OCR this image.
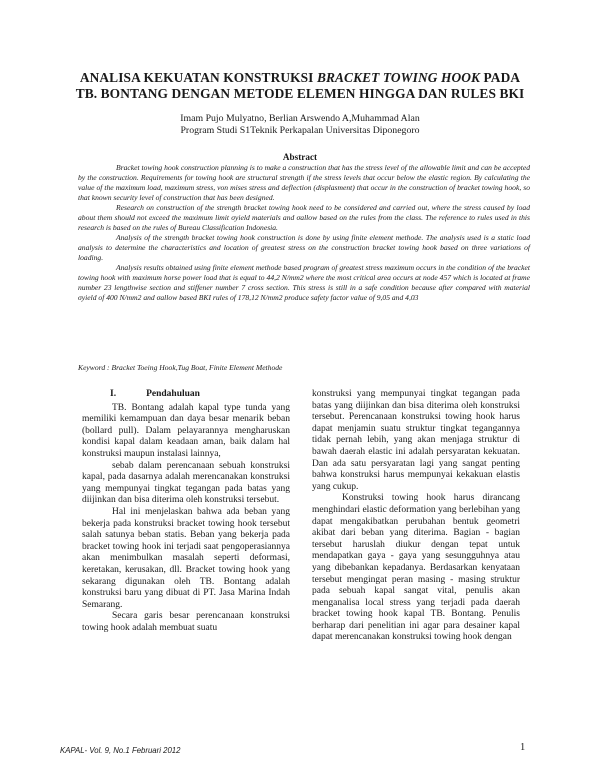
ANALISA KEKUATAN KONSTRUKSI BRACKET TOWING HOOK PADA
TB. BONTANG DENGAN METODE ELEMEN HINGGA DAN RULES BKI
Imam Pujo Mulyatno, Berlian Arswendo A,Muhammad Alan
Program Studi S1Teknik Perkapalan Universitas Diponegoro
Abstract

Bracket towing hook construction planning is to make a construction that has the stress level of the allowable limit and can be accepted by the construction. Requirements for towing hook are structural strength if the stress levels that occur below the elastic region. By calculating the value of the maximum load, maximum stress, von mises stress and deflection (displasment) that occur in the construction of bracket towing hook, so that known security level of construction that has been designed.

Research on construction of the strength bracket towing hook need to be considered and carried out, where the stress caused by load about them should not exceed the maximum limit σyield materials and σallow based on the rules from the class. The reference to rules used in this research is based on the rules of Bureau Classification Indonesia.

Analysis of the strength bracket towing hook construction is done by using finite element methode. The analysis used is a static load analysis to determine the characteristics and location of greatest stress on the construction bracket towing hook based on three variations of loading.

Analysis results obtained using finite element methode based program of greatest stress maximum occurs in the condition of the bracket towing hook with maximum horse power load that is equal to 44,2 N/mm2 where the most critical area occurs at node 457 which is located at frame number 23 lengthwise section and stiffener number 7 cross section. This stress is still in a safe condition because after compared with material σyield of 400 N/mm2 and σallow based BKI rules of 178,12 N/mm2 produce safety factor value of 9,05 and 4,03

Keyword : Bracket Toeing Hook,Tug Boat, Finite Element Methode
I.	Pendahuluan

TB. Bontang adalah kapal type tunda yang memiliki kemampuan dan daya besar menarik beban (bollard pull). Dalam pelayarannya mengharuskan kondisi kapal dalam keadaan aman, baik dalam hal konstruksi maupun instalasi lainnya,

sebab dalam perencanaan sebuah konstruksi kapal, pada dasarnya adalah merencanakan konstruksi yang mempunyai tingkat tegangan pada batas yang diijinkan dan bisa diterima oleh konstruksi tersebut.

Hal ini menjelaskan bahwa ada beban yang bekerja pada konstruksi bracket towing hook tersebut salah satunya beban statis. Beban yang bekerja pada bracket towing hook ini terjadi saat pengoperasiannya akan menimbulkan masalah seperti deformasi, keretakan, kerusakan, dll. Bracket towing hook yang sekarang digunakan oleh TB. Bontang adalah konstruksi baru yang dibuat di PT. Jasa Marina Indah Semarang.

Secara garis besar perencanaan konstruksi towing hook adalah membuat suatu

konstruksi yang mempunyai tingkat tegangan pada batas yang diijinkan dan bisa diterima oleh konstruksi tersebut. Perencanaan konstruksi towing hook harus dapat menjamin suatu struktur tingkat tegangannya tidak pernah lebih, yang akan menjaga struktur di bawah daerah elastic ini adalah persyaratan kekuatan. Dan ada satu persyaratan lagi yang sangat penting bahwa konstruksi harus mempunyai kekakuan elastis yang cukup.

Konstruksi towing hook harus dirancang menghindari elastic deformation yang berlebihan yang dapat mengakibatkan perubahan bentuk geometri akibat dari beban yang diterima. Bagian - bagian tersebut haruslah diukur dengan tepat untuk mendapatkan gaya - gaya yang sesungguhnya atau yang dibebankan kepadanya. Berdasarkan kenyataan tersebut mengingat peran masing - masing struktur pada sebuah kapal sangat vital, penulis akan menganalisa local stress yang terjadi pada daerah bracket towing hook kapal TB. Bontang. Penulis berharap dari penelitian ini agar para desainer kapal dapat merencanakan konstruksi towing hook dengan

KAPAL- Vol. 9, No.1 Februari 2012	1
